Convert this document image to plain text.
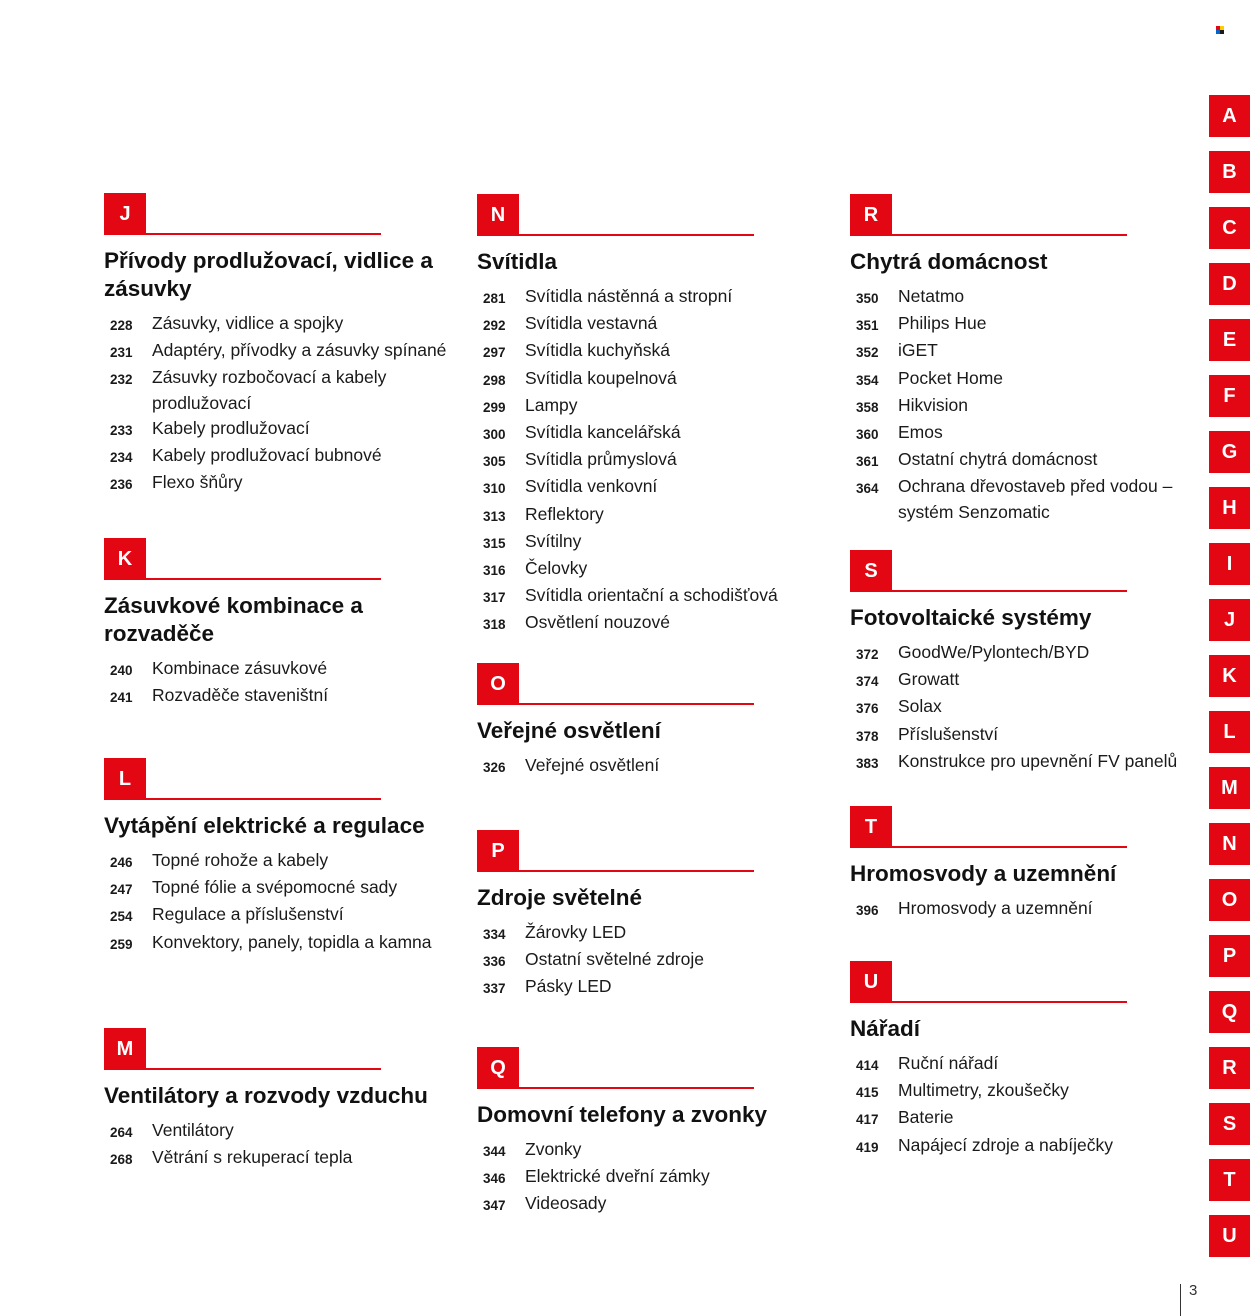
J
Přívody prodlužovací, vidlice a zásuvky
228	Zásuvky, vidlice a spojky
231	Adaptéry, přívodky a zásuvky spínané
232	Zásuvky rozbočovací a kabely prodlužovací
233	Kabely prodlužovací
234	Kabely prodlužovací bubnové
236	Flexo šňůry
K
Zásuvkové kombinace a rozvaděče
240	Kombinace zásuvkové
241	Rozvaděče staveništní
L
Vytápění elektrické a regulace
246	Topné rohože a kabely
247	Topné fólie a svépomocné sady
254	Regulace a příslušenství
259	Konvektory, panely, topidla a kamna
M
Ventilátory a rozvody vzduchu
264	Ventilátory
268	Větrání s rekuperací tepla
N
Svítidla
281	Svítidla nástěnná a stropní
292	Svítidla vestavná
297	Svítidla kuchyňská
298	Svítidla koupelnová
299	Lampy
300	Svítidla kancelářská
305	Svítidla průmyslová
310	Svítidla venkovní
313	Reflektory
315	Svítilny
316	Čelovky
317	Svítidla orientační a schodišťová
318	Osvětlení nouzové
O
Veřejné osvětlení
326	Veřejné osvětlení
P
Zdroje světelné
334	Žárovky LED
336	Ostatní světelné zdroje
337	Pásky LED
Q
Domovní telefony a zvonky
344	Zvonky
346	Elektrické dveřní zámky
347	Videosady
R
Chytrá domácnost
350	Netatmo
351	Philips Hue
352	iGET
354	Pocket Home
358	Hikvision
360	Emos
361	Ostatní chytrá domácnost
364	Ochrana dřevostaveb před vodou – systém Senzomatic
S
Fotovoltaické systémy
372	GoodWe/Pylontech/BYD
374	Growatt
376	Solax
378	Příslušenství
383	Konstrukce pro upevnění FV panelů
T
Hromosvody a uzemnění
396	Hromosvody a uzemnění
U
Nářadí
414	Ruční nářadí
415	Multimetry, zkoušečky
417	Baterie
419	Napájecí zdroje a nabíječky
A
B
C
D
E
F
G
H
I
J
K
L
M
N
O
P
Q
R
S
T
U
3
